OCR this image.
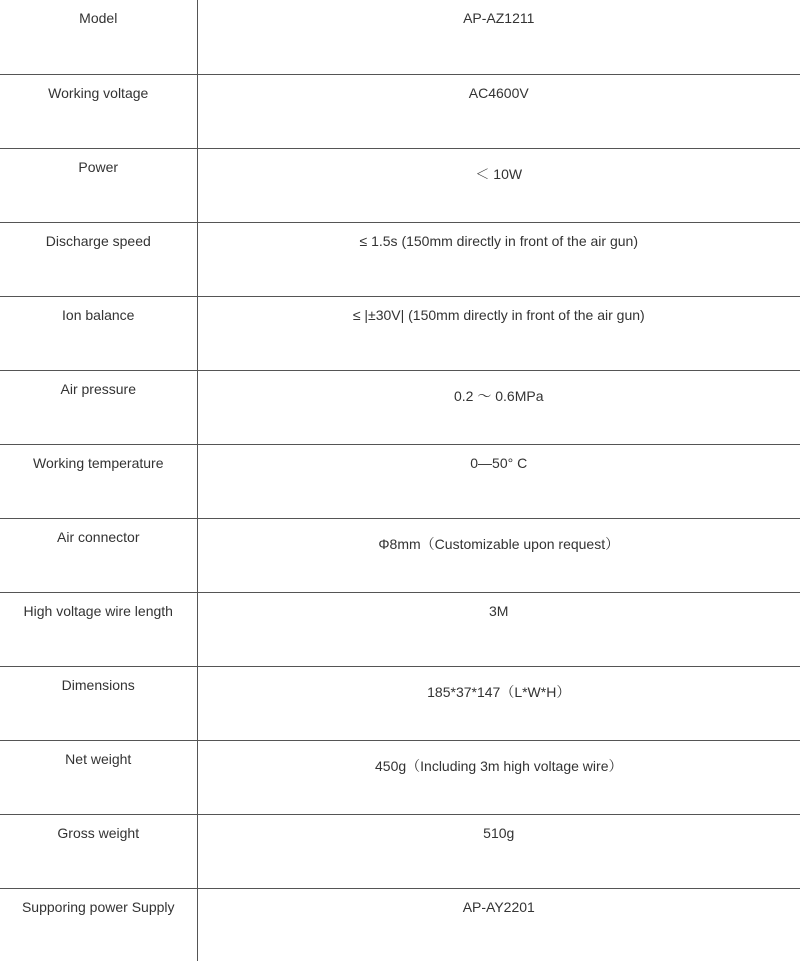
Model	AP-AZ1211
Working voltage	AC4600V
Power	＜ 10W
Discharge speed	≤ 1.5s (150mm directly in front of the air gun)
Ion balance	≤ |±30V| (150mm directly in front of the air gun)
Air pressure	0.2 ～ 0.6MPa
Working temperature	0—50° C
Air connector	Φ8mm（Customizable upon request）
High voltage wire length	3M
Dimensions	185*37*147（L*W*H）
Net weight	450g（Including 3m high voltage wire）
Gross weight	510g
Supporing power Supply	AP-AY2201
